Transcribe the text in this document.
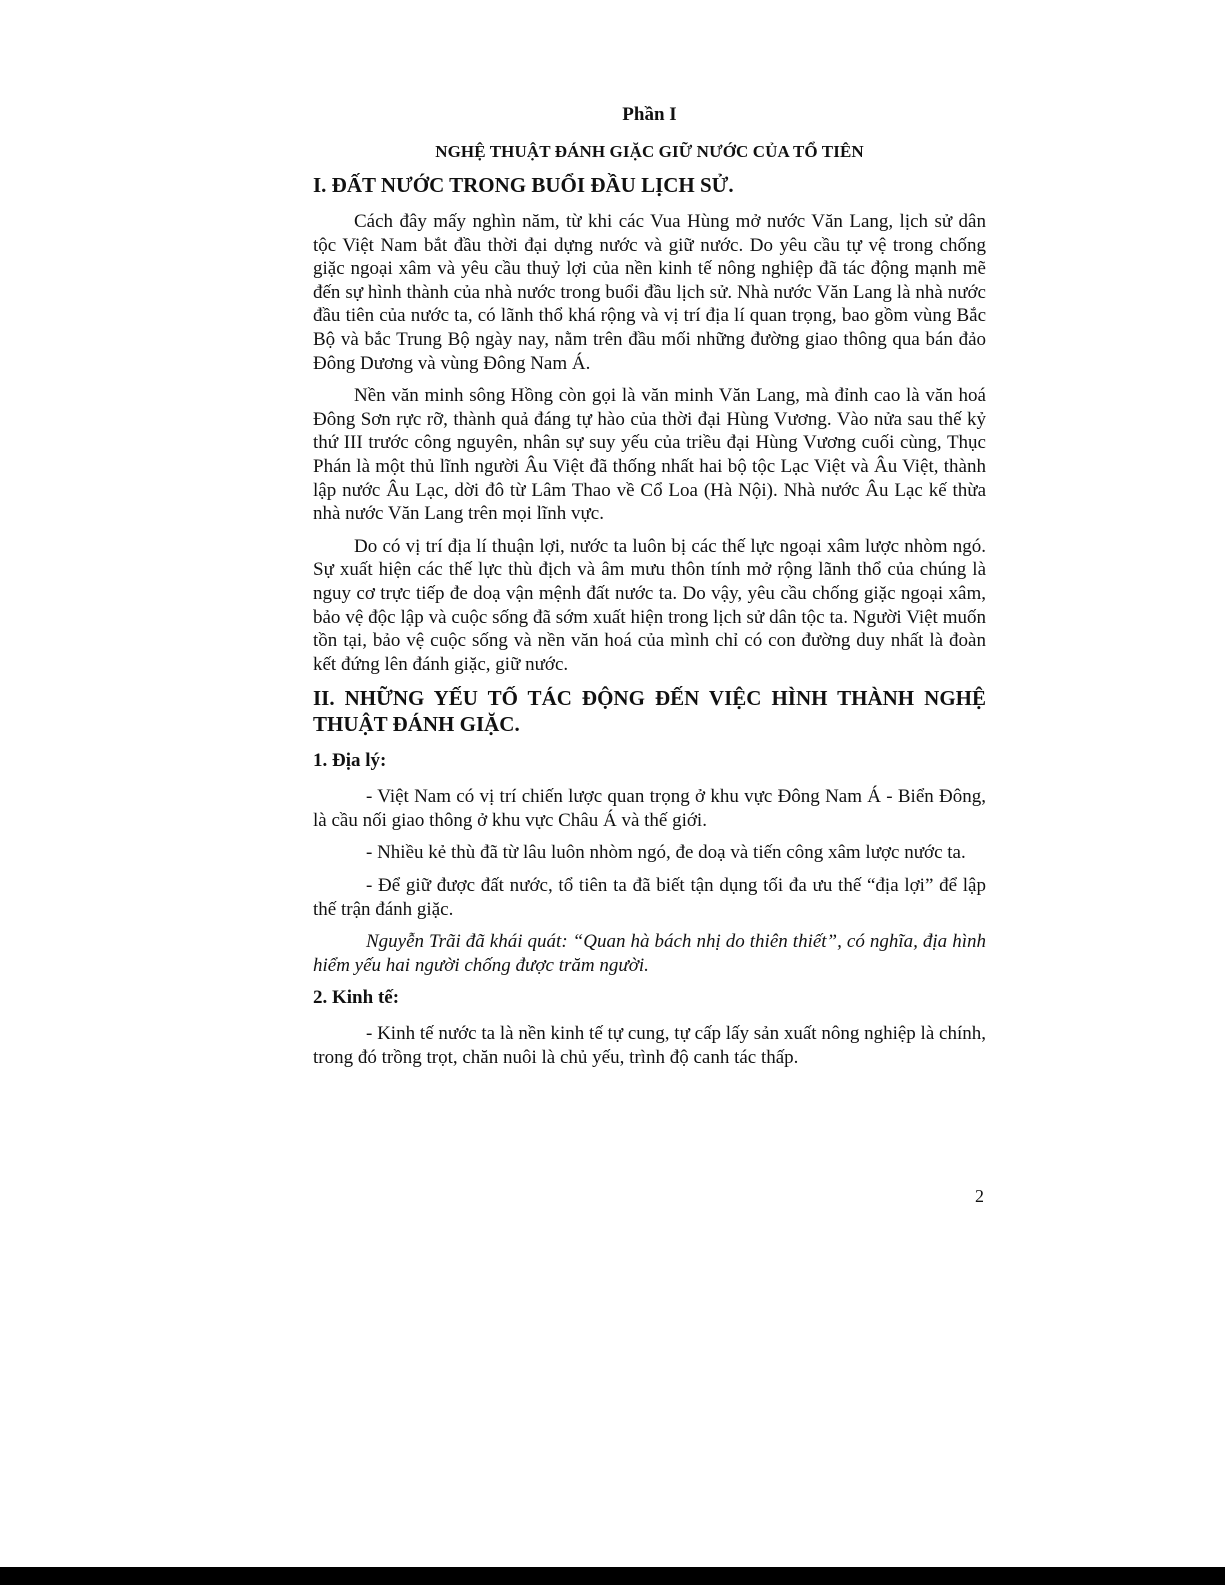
Phần I
NGHỆ THUẬT ĐÁNH GIẶC GIỮ NƯỚC CỦA TỔ TIÊN
I. ĐẤT NƯỚC TRONG BUỔI ĐẦU LỊCH SỬ.

Cách đây mấy nghìn năm, từ khi các Vua Hùng mở nước Văn Lang, lịch sử dân tộc Việt Nam bắt đầu thời đại dựng nước và giữ nước. Do yêu cầu tự vệ trong chống giặc ngoại xâm và yêu cầu thuỷ lợi của nền kinh tế nông nghiệp đã tác động mạnh mẽ đến sự hình thành của nhà nước trong buổi đầu lịch sử. Nhà nước Văn Lang là nhà nước đầu tiên của nước ta, có lãnh thổ khá rộng và vị trí địa lí quan trọng, bao gồm vùng Bắc Bộ và bắc Trung Bộ ngày nay, nằm trên đầu mối những đường giao thông qua bán đảo Đông Dương và vùng Đông Nam Á.

Nền văn minh sông Hồng còn gọi là văn minh Văn Lang, mà đỉnh cao là văn hoá Đông Sơn rực rỡ, thành quả đáng tự hào của thời đại Hùng Vương. Vào nửa sau thế kỷ thứ III trước công nguyên, nhân sự suy yếu của triều đại Hùng Vương cuối cùng, Thục Phán là một thủ lĩnh người Âu Việt đã thống nhất hai bộ tộc Lạc Việt và Âu Việt, thành lập nước Âu Lạc, dời đô từ Lâm Thao về Cổ Loa (Hà Nội). Nhà nước Âu Lạc kế thừa nhà nước Văn Lang trên mọi lĩnh vực.

Do có vị trí địa lí thuận lợi, nước ta luôn bị các thế lực ngoại xâm lược nhòm ngó. Sự xuất hiện các thế lực thù địch và âm mưu thôn tính mở rộng lãnh thổ của chúng là nguy cơ trực tiếp đe doạ vận mệnh đất nước ta. Do vậy, yêu cầu chống giặc ngoại xâm, bảo vệ độc lập và cuộc sống đã sớm xuất hiện trong lịch sử dân tộc ta. Người Việt muốn tồn tại, bảo vệ cuộc sống và nền văn hoá của mình chỉ có con đường duy nhất là đoàn kết đứng lên đánh giặc, giữ nước.

II. NHỮNG YẾU TỐ TÁC ĐỘNG ĐẾN VIỆC HÌNH THÀNH NGHỆ THUẬT ĐÁNH GIẶC.
1. Địa lý:

- Việt Nam có vị trí chiến lược quan trọng ở khu vực Đông Nam Á - Biển Đông, là cầu nối giao thông ở khu vực Châu Á và thế giới.

- Nhiều kẻ thù đã từ lâu luôn nhòm ngó, đe doạ và tiến công xâm lược nước ta.

- Để giữ được đất nước, tổ tiên ta đã biết tận dụng tối đa ưu thế “địa lợi” để lập thế trận đánh giặc.

Nguyễn Trãi đã khái quát: “Quan hà bách nhị do thiên thiết”, có nghĩa, địa hình hiểm yếu hai người chống được trăm người.

2. Kinh tế:

- Kinh tế nước ta là nền kinh tế tự cung, tự cấp lấy sản xuất nông nghiệp là chính, trong đó trồng trọt, chăn nuôi là chủ yếu, trình độ canh tác thấp.

2
